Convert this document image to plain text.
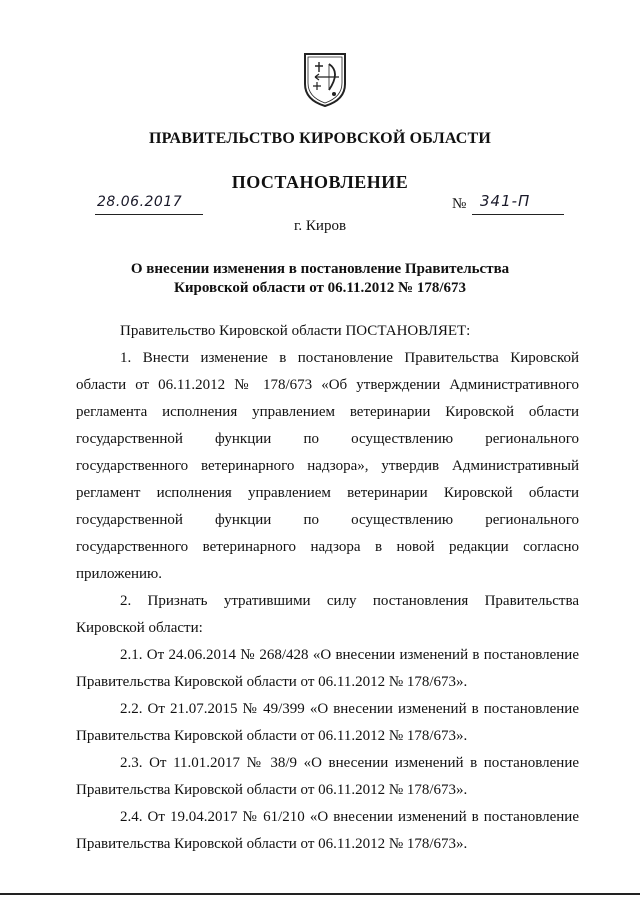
ПРАВИТЕЛЬСТВО КИРОВСКОЙ ОБЛАСТИ
ПОСТАНОВЛЕНИЕ
28.06.2017	№ 341-П
г. Киров
О внесении изменения в постановление Правительства
Кировской области от 06.11.2012 № 178/673

Правительство Кировской области ПОСТАНОВЛЯЕТ:

1. Внести изменение в постановление Правительства Кировской области от 06.11.2012 № 178/673 «Об утверждении Административного регламента исполнения управлением ветеринарии Кировской области государственной функции по осуществлению регионального государственного ветеринарного надзора», утвердив Административный регламент исполнения управлением ветеринарии Кировской области государственной функции по осуществлению регионального государственного ветеринарного надзора в новой редакции согласно приложению.

2. Признать утратившими силу постановления Правительства Кировской области:

2.1. От 24.06.2014 № 268/428 «О внесении изменений в постановление Правительства Кировской области от 06.11.2012 № 178/673».

2.2. От 21.07.2015 № 49/399 «О внесении изменений в постановление Правительства Кировской области от 06.11.2012 № 178/673».

2.3. От 11.01.2017 № 38/9 «О внесении изменений в постановление Правительства Кировской области от 06.11.2012 № 178/673».

2.4. От 19.04.2017 № 61/210 «О внесении изменений в постановление Правительства Кировской области от 06.11.2012 № 178/673».
